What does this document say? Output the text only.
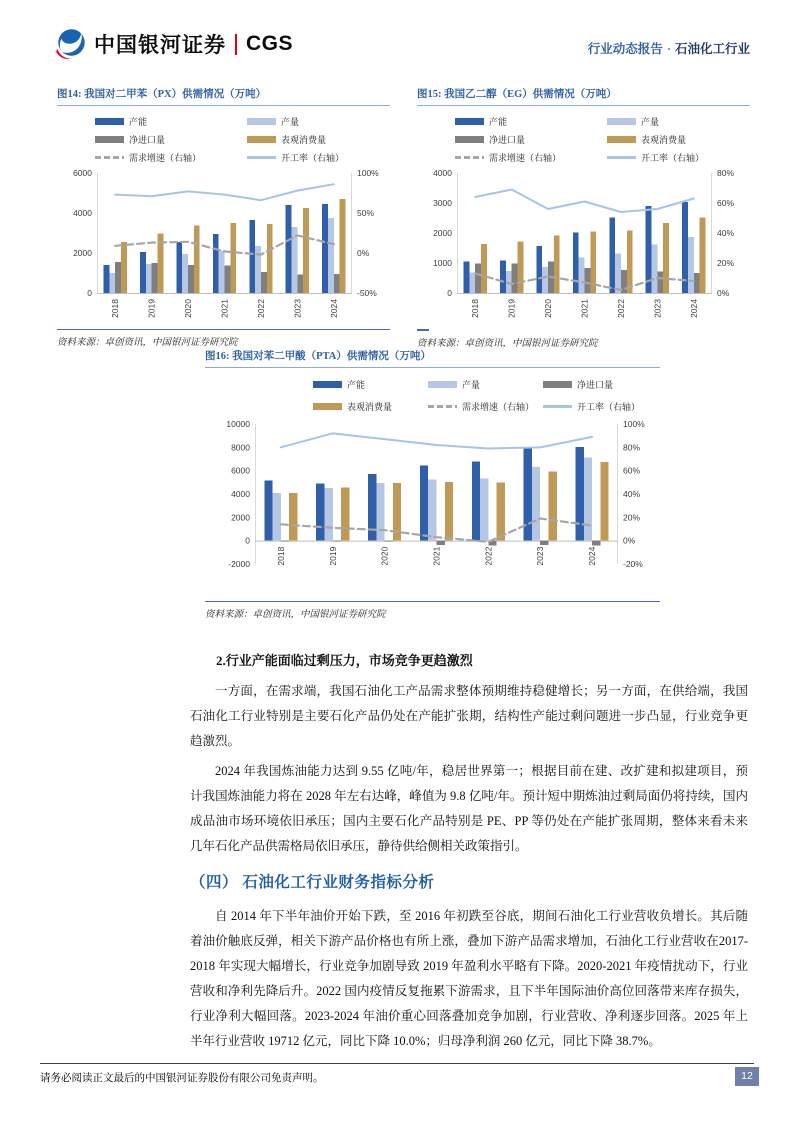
中国银河证券 CGS	行业动态报告 · 石油化工行业
图14: 我国对二甲苯（PX）供需情况（万吨）
产能	产量
净进口量	表观消费量
需求增速（右轴）	开工率（右轴）
0
2000
4000
6000
-50%
0%
50%
100%
2018	2019	2020	2021	2022	2023	2024
资料来源：卓创资讯，中国银河证券研究院
图15: 我国乙二醇（EG）供需情况（万吨）
产能	产量
净进口量	表观消费量
需求增速（右轴）	开工率（右轴）
0
1000
2000
3000
4000
0%
20%
40%
60%
80%
2018	2019	2020	2021	2022	2023	2024
资料来源：卓创资讯，中国银河证券研究院
图16: 我国对苯二甲酸（PTA）供需情况（万吨）
产能	产量	净进口量
表观消费量	需求增速（右轴）	开工率（右轴）
-2000
0
2000
4000
6000
8000
10000
-20%
0%
20%
40%
60%
80%
100%
2018	2019	2020	2021	2022	2023	2024
资料来源：卓创资讯，中国银河证券研究院
2.行业产能面临过剩压力，市场竞争更趋激烈

一方面，在需求端，我国石油化工产品需求整体预期维持稳健增长；另一方面，在供给端，我国石油化工行业特别是主要石化产品仍处在产能扩张期，结构性产能过剩问题进一步凸显，行业竞争更趋激烈。

2024 年我国炼油能力达到 9.55 亿吨/年，稳居世界第一；根据目前在建、改扩建和拟建项目，预计我国炼油能力将在 2028 年左右达峰，峰值为 9.8 亿吨/年。预计短中期炼油过剩局面仍将持续，国内成品油市场环境依旧承压；国内主要石化产品特别是 PE、PP 等仍处在产能扩张周期，整体来看未来几年石化产品供需格局依旧承压，静待供给侧相关政策指引。

（四） 石油化工行业财务指标分析

自 2014 年下半年油价开始下跌，至 2016 年初跌至谷底，期间石油化工行业营收负增长。其后随着油价触底反弹，相关下游产品价格也有所上涨，叠加下游产品需求增加，石油化工行业营收在2017-2018 年实现大幅增长，行业竞争加剧导致 2019 年盈利水平略有下降。2020-2021 年疫情扰动下，行业营收和净利先降后升。2022 国内疫情反复拖累下游需求，且下半年国际油价高位回落带来库存损失，行业净利大幅回落。2023-2024 年油价重心回落叠加竞争加剧，行业营收、净利逐步回落。2025 年上半年行业营收 19712 亿元，同比下降 10.0%；归母净利润 260 亿元，同比下降 38.7%。

请务必阅读正文最后的中国银河证券股份有限公司免责声明。	12
